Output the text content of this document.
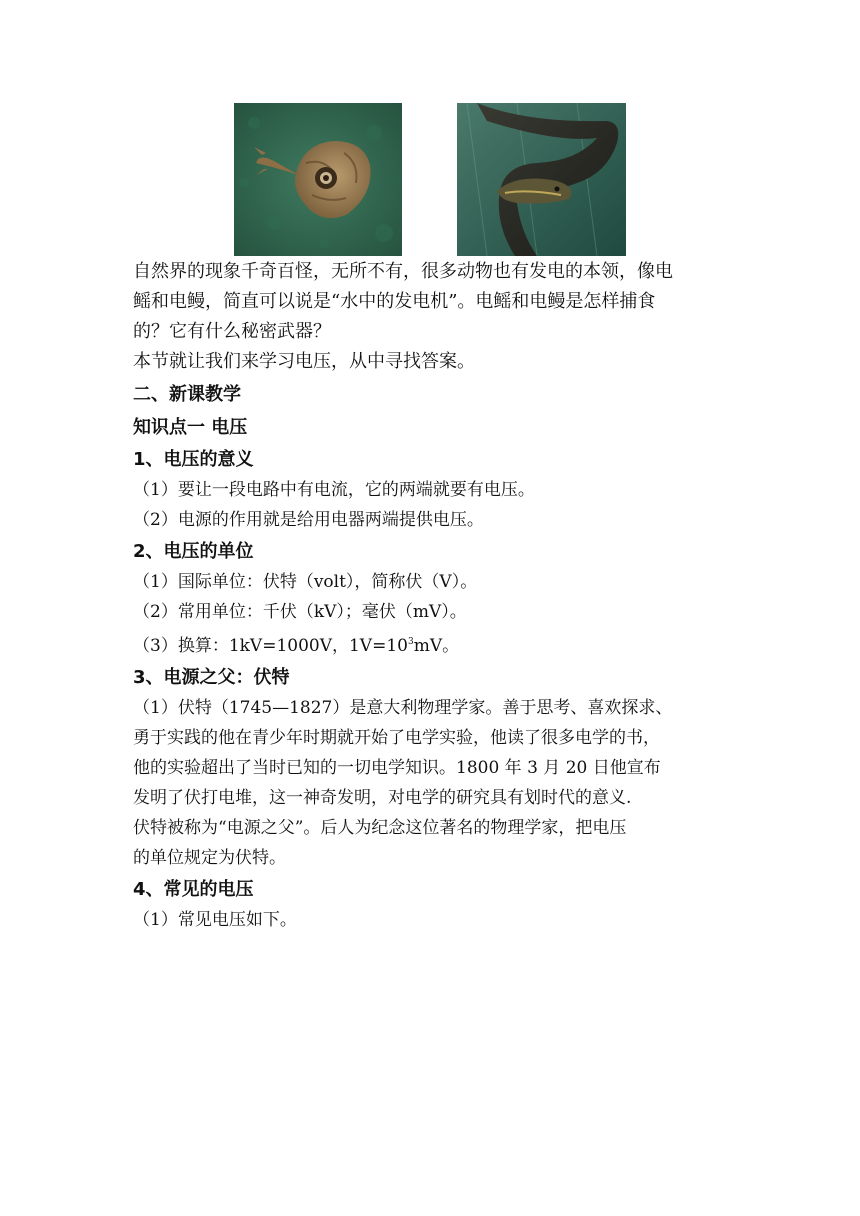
自然界的现象千奇百怪，无所不有，很多动物也有发电的本领，像电
鳐和电鳗，简直可以说是“水中的发电机”。电鳐和电鳗是怎样捕食
的？它有什么秘密武器？
本节就让我们来学习电压，从中寻找答案。

二、新课教学
知识点一 电压
1、电压的意义

（1）要让一段电路中有电流，它的两端就要有电压。

（2）电源的作用就是给用电器两端提供电压。

2、电压的单位

（1）国际单位：伏特（volt），简称伏（V）。

（2）常用单位：千伏（kV）；毫伏（mV）。

（3）换算：1kV=1000V，$1V=10^3mV$。

3、电源之父：伏特

（1）伏特（1745—1827）是意大利物理学家。善于思考、喜欢探求、
勇于实践的他在青少年时期就开始了电学实验，他读了很多电学的书，
他的实验超出了当时已知的一切电学知识。1800 年 3 月 20 日他宣布
发明了伏打电堆，这一神奇发明，对电学的研究具有划时代的意义.
伏特被称为“电源之父”。后人为纪念这位著名的物理学家，把电压
的单位规定为伏特。

4、常见的电压

（1）常见电压如下。
